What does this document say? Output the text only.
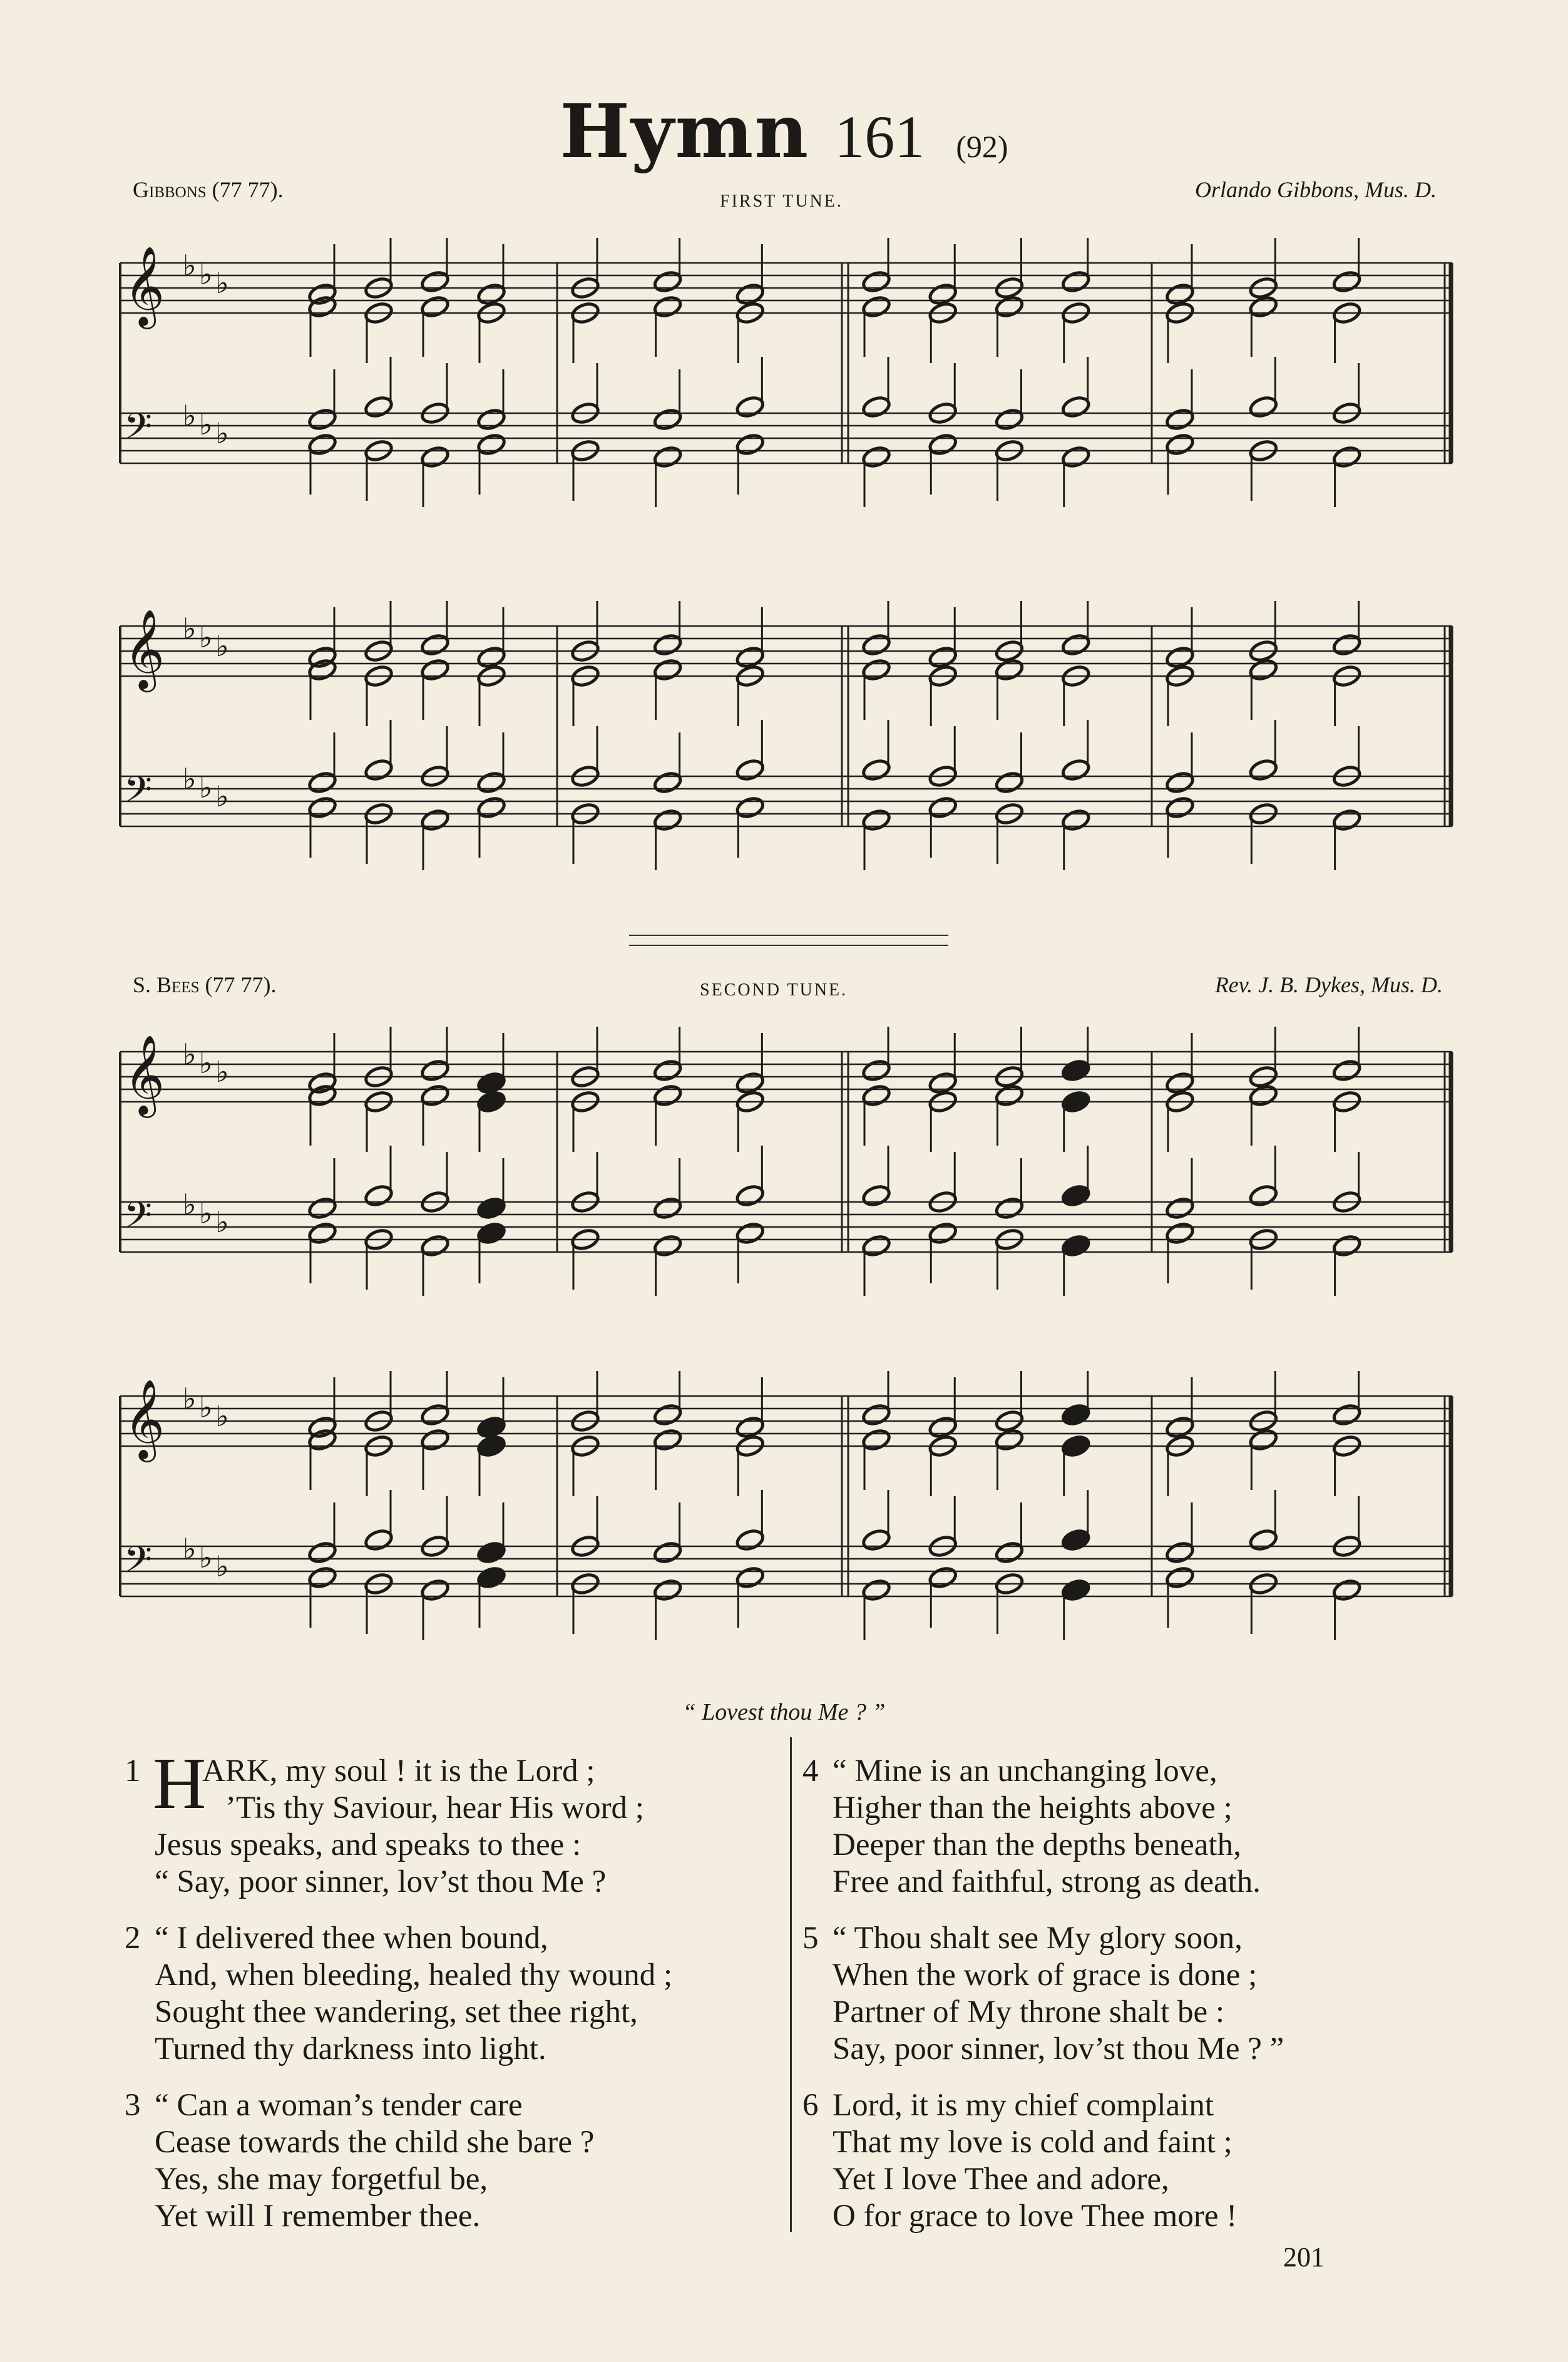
Hymn 161 (92)
Gibbons (77 77).	FIRST TUNE.	Orlando Gibbons, Mus. D.
𝄞 ♭ ♭ ♭
𝄢 ♭ ♭ ♭
𝄞 ♭ ♭ ♭
𝄢 ♭ ♭ ♭
S. Bees (77 77).	SECOND TUNE.	Rev. J. B. Dykes, Mus. D.
𝄞 ♭ ♭ ♭
𝄢 ♭ ♭ ♭
𝄞 ♭ ♭ ♭
𝄢 ♭ ♭ ♭
“ Lovest thou Me ? ”
1 H
ARK, my soul ! it is the Lord ;
’Tis thy Saviour, hear His word ;
Jesus speaks, and speaks to thee :
“ Say, poor sinner, lov’st thou Me ?
2 “ I delivered thee when bound,
And, when bleeding, healed thy wound ;
Sought thee wandering, set thee right,
Turned thy darkness into light.
3 “ Can a woman’s tender care
Cease towards the child she bare ?
Yes, she may forgetful be,
Yet will I remember thee.
4 “ Mine is an unchanging love,
Higher than the heights above ;
Deeper than the depths beneath,
Free and faithful, strong as death.
5 “ Thou shalt see My glory soon,
When the work of grace is done ;
Partner of My throne shalt be :
Say, poor sinner, lov’st thou Me ? ”
6 Lord, it is my chief complaint
That my love is cold and faint ;
Yet I love Thee and adore,
O for grace to love Thee more !
201
